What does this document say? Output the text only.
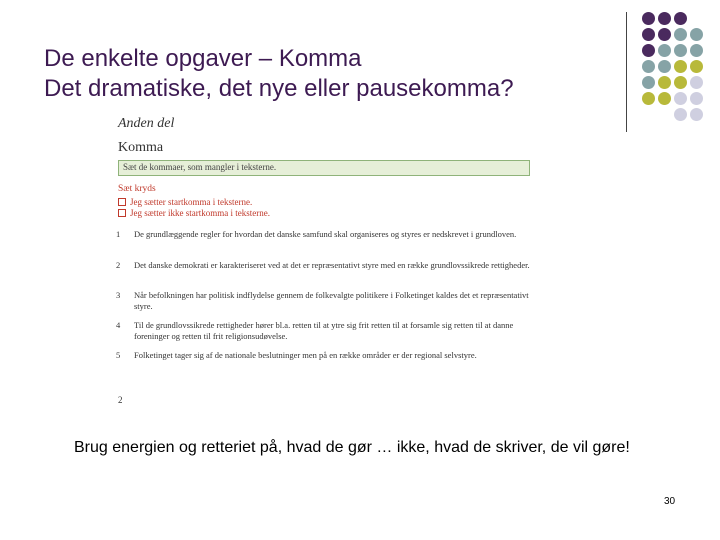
De enkelte opgaver – Komma
Det dramatiske, det nye eller pausekomma?
Anden del
Komma
Sæt de kommaer, som mangler i teksterne.
Sæt kryds
Jeg sætter startkomma i teksterne.
Jeg sætter ikke startkomma i teksterne.
1	De grundlæggende regler for hvordan det danske samfund skal organiseres og styres er nedskrevet i grundloven.
2	Det danske demokrati er karakteriseret ved at det er repræsentativt styre med en række grundlovssikrede rettigheder.
3	Når befolkningen har politisk indflydelse gennem de folkevalgte politikere i Folketinget kaldes det et repræsentativt styre.
4	Til de grundlovssikrede rettigheder hører bl.a. retten til at ytre sig frit retten til at forsamle sig retten til at danne foreninger og retten til frit religionsudøvelse.
5	Folketinget tager sig af de nationale beslutninger men på en række områder er der regional selvstyre.
2
Brug energien og retteriet på, hvad de gør … ikke, hvad de skriver, de vil gøre!
30
